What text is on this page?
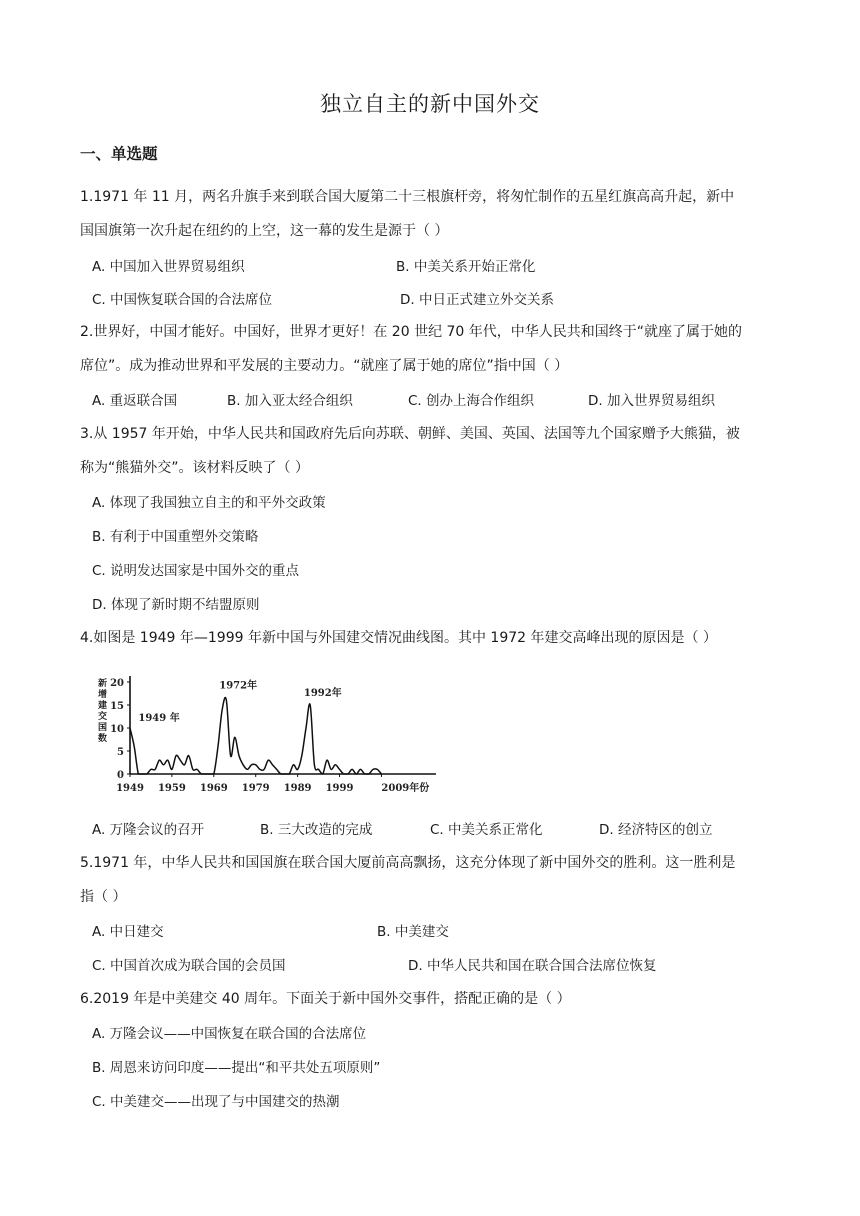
独立自主的新中国外交
一、单选题
1.1971 年 11 月，两名升旗手来到联合国大厦第二十三根旗杆旁，将匆忙制作的五星红旗高高升起，新中
国国旗第一次升起在纽约的上空，这一幕的发生是源于（ ）
A. 中国加入世界贸易组织	B. 中美关系开始正常化
C. 中国恢复联合国的合法席位	D. 中日正式建立外交关系
2.世界好，中国才能好。中国好，世界才更好！在 20 世纪 70 年代，中华人民共和国终于“就座了属于她的
席位”。成为推动世界和平发展的主要动力。“就座了属于她的席位”指中国（ ）
A. 重返联合国	B. 加入亚太经合组织	C. 创办上海合作组织	D. 加入世界贸易组织
3.从 1957 年开始，中华人民共和国政府先后向苏联、朝鲜、美国、英国、法国等九个国家赠予大熊猫，被
称为“熊猫外交”。该材料反映了（ ）
A. 体现了我国独立自主的和平外交政策
B. 有利于中国重塑外交策略
C. 说明发达国家是中国外交的重点
D. 体现了新时期不结盟原则
4.如图是 1949 年—1999 年新中国与外国建交情况曲线图。其中 1972 年建交高峰出现的原因是（ ）
新
增
建
交
国
数
0
5
10
15
20
1949 1959 1969 1979 1989 1999	2009年份
1949 年
1972年
1992年
A. 万隆会议的召开	B. 三大改造的完成	C. 中美关系正常化	D. 经济特区的创立
5.1971 年，中华人民共和国国旗在联合国大厦前高高飘扬，这充分体现了新中国外交的胜利。这一胜利是
指（ ）
A. 中日建交	B. 中美建交
C. 中国首次成为联合国的会员国	D. 中华人民共和国在联合国合法席位恢复
6.2019 年是中美建交 40 周年。下面关于新中国外交事件，搭配正确的是（ ）
A. 万隆会议——中国恢复在联合国的合法席位
B. 周恩来访问印度——提出“和平共处五项原则”
C. 中美建交——出现了与中国建交的热潮
